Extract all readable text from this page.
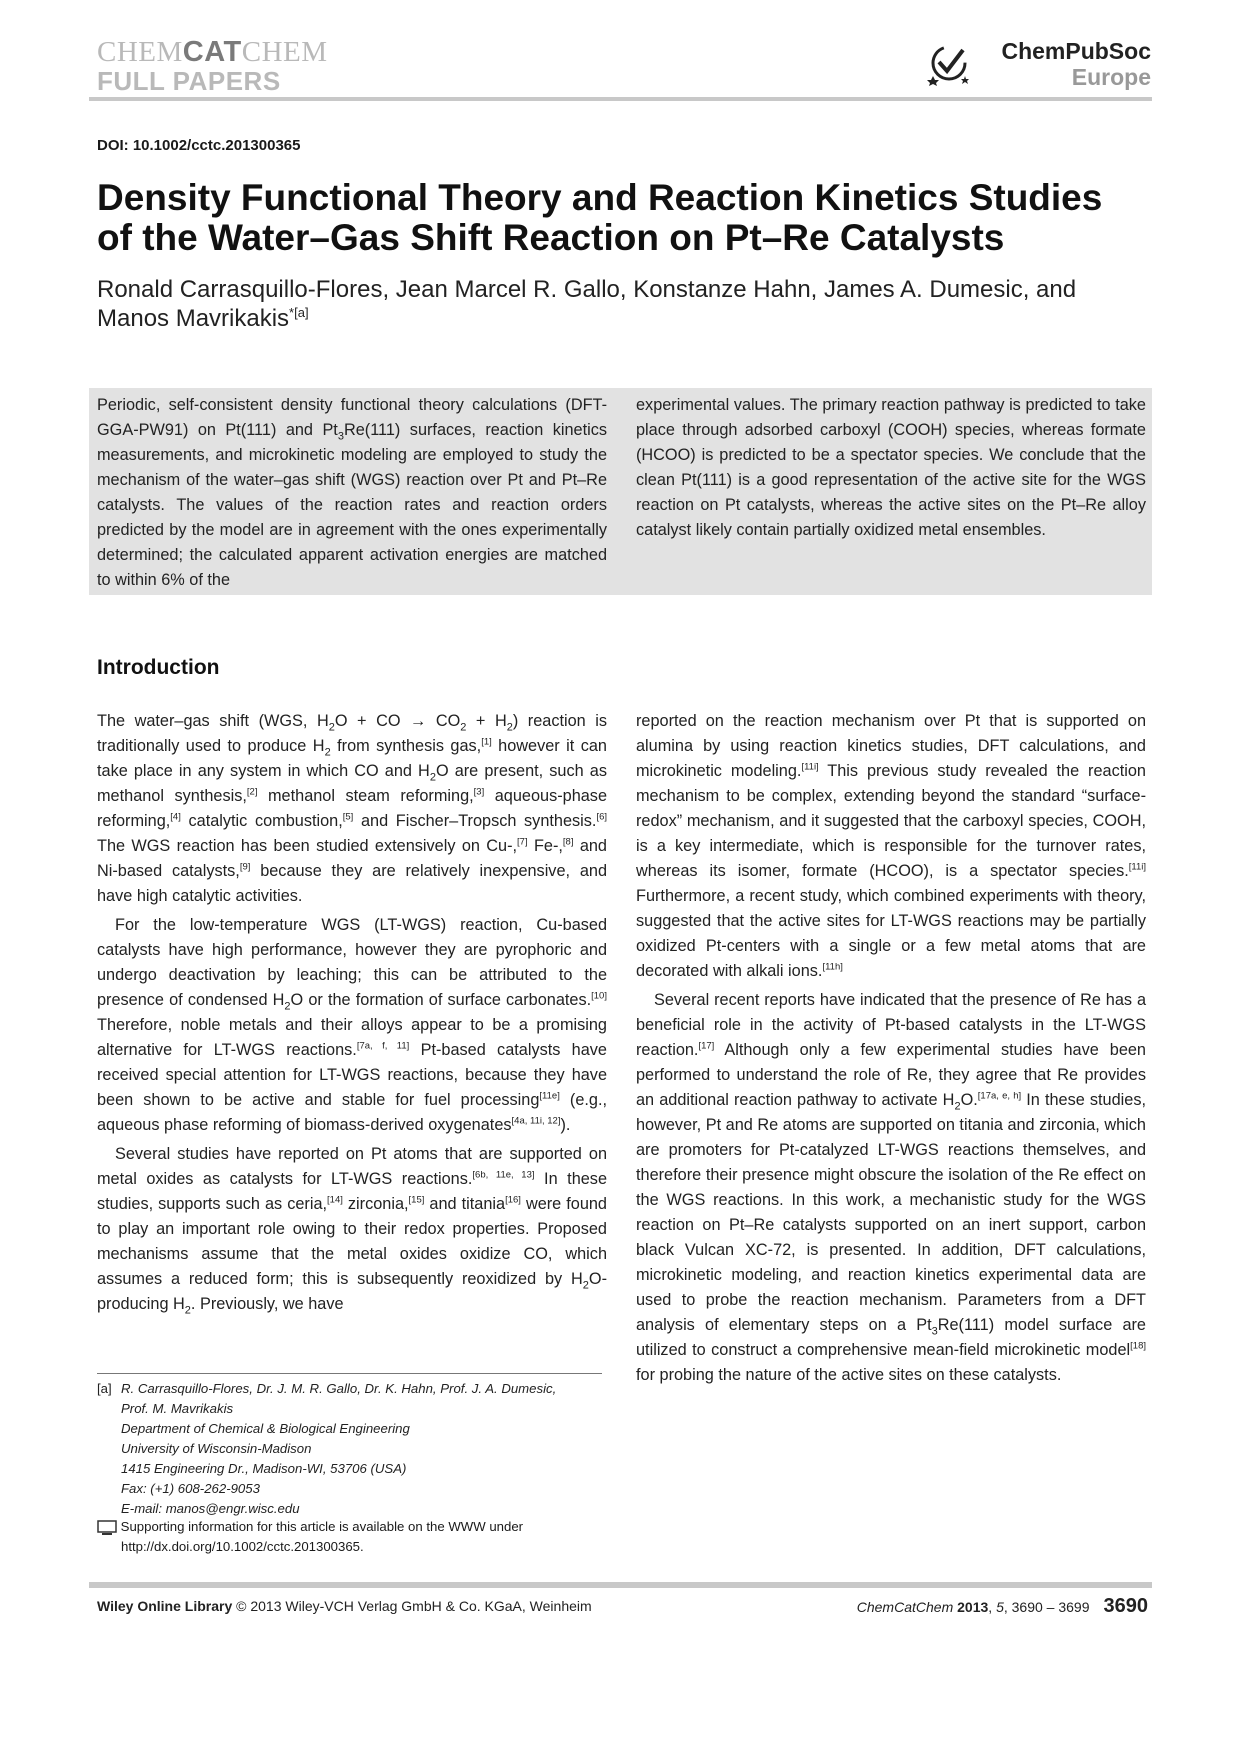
CHEMCATCHEM
FULL PAPERS
ChemPubSoc
Europe
DOI: 10.1002/cctc.201300365
Density Functional Theory and Reaction Kinetics Studies of the Water–Gas Shift Reaction on Pt–Re Catalysts
Ronald Carrasquillo-Flores, Jean Marcel R. Gallo, Konstanze Hahn, James A. Dumesic, and Manos Mavrikakis$^{*[a]}$
Periodic, self-consistent density functional theory calculations (DFT-GGA-PW91) on Pt(111) and $Pt_3Re(111)$ surfaces, reaction kinetics measurements, and microkinetic modeling are employed to study the mechanism of the water–gas shift (WGS) reaction over Pt and Pt–Re catalysts. The values of the reaction rates and reaction orders predicted by the model are in agreement with the ones experimentally determined; the calculated apparent activation energies are matched to within 6% of the
experimental values. The primary reaction pathway is predicted to take place through adsorbed carboxyl (COOH) species, whereas formate (HCOO) is predicted to be a spectator species. We conclude that the clean Pt(111) is a good representation of the active site for the WGS reaction on Pt catalysts, whereas the active sites on the Pt–Re alloy catalyst likely contain partially oxidized metal ensembles.
Introduction

The water–gas shift (WGS, $H_2O$ + CO → $CO_2 + H_2$) reaction is traditionally used to produce $H_2$ from synthesis gas,[1] however it can take place in any system in which CO and $H_2O$ are present, such as methanol synthesis,[2] methanol steam reforming,[3] aqueous-phase reforming,[4] catalytic combustion,[5] and Fischer–Tropsch synthesis.[6] The WGS reaction has been studied extensively on Cu-,[7] Fe-,[8] and Ni-based catalysts,[9] because they are relatively inexpensive, and have high catalytic activities.

For the low-temperature WGS (LT-WGS) reaction, Cu-based catalysts have high performance, however they are pyrophoric and undergo deactivation by leaching; this can be attributed to the presence of condensed $H_2O$ or the formation of surface carbonates.[10] Therefore, noble metals and their alloys appear to be a promising alternative for LT-WGS reactions.[7a, f, 11] Pt-based catalysts have received special attention for LT-WGS reactions, because they have been shown to be active and stable for fuel processing[11e] (e.g., aqueous phase reforming of biomass-derived oxygenates[4a, 11i, 12]).

Several studies have reported on Pt atoms that are supported on metal oxides as catalysts for LT-WGS reactions.[6b, 11e, 13] In these studies, supports such as ceria,[14] zirconia,[15] and titania[16] were found to play an important role owing to their redox properties. Proposed mechanisms assume that the metal oxides oxidize CO, which assumes a reduced form; this is subsequently reoxidized by $H_2O$-producing $H_2$. Previously, we have

reported on the reaction mechanism over Pt that is supported on alumina by using reaction kinetics studies, DFT calculations, and microkinetic modeling.[11i] This previous study revealed the reaction mechanism to be complex, extending beyond the standard “surface-redox” mechanism, and it suggested that the carboxyl species, COOH, is a key intermediate, which is responsible for the turnover rates, whereas its isomer, formate (HCOO), is a spectator species.[11i] Furthermore, a recent study, which combined experiments with theory, suggested that the active sites for LT-WGS reactions may be partially oxidized Pt-centers with a single or a few metal atoms that are decorated with alkali ions.[11h]

Several recent reports have indicated that the presence of Re has a beneficial role in the activity of Pt-based catalysts in the LT-WGS reaction.[17] Although only a few experimental studies have been performed to understand the role of Re, they agree that Re provides an additional reaction pathway to activate $H_2O.[17a, e, h]$ In these studies, however, Pt and Re atoms are supported on titania and zirconia, which are promoters for Pt-catalyzed LT-WGS reactions themselves, and therefore their presence might obscure the isolation of the Re effect on the WGS reactions. In this work, a mechanistic study for the WGS reaction on Pt–Re catalysts supported on an inert support, carbon black Vulcan XC-72, is presented. In addition, DFT calculations, microkinetic modeling, and reaction kinetics experimental data are used to probe the reaction mechanism. Parameters from a DFT analysis of elementary steps on a $Pt_3Re(111)$ model surface are utilized to construct a comprehensive mean-field microkinetic model[18] for probing the nature of the active sites on these catalysts.

[a] R. Carrasquillo-Flores, Dr. J. M. R. Gallo, Dr. K. Hahn, Prof. J. A. Dumesic,
Prof. M. Mavrikakis
Department of Chemical & Biological Engineering
University of Wisconsin-Madison
1415 Engineering Dr., Madison-WI, 53706 (USA)
Fax: (+1) 608-262-9053
E-mail: manos@engr.wisc.edu
Supporting information for this article is available on the WWW under
http://dx.doi.org/10.1002/cctc.201300365.
Wiley Online Library © 2013 Wiley-VCH Verlag GmbH & Co. KGaA, Weinheim	ChemCatChem 2013, 5, 3690 – 3699 3690
